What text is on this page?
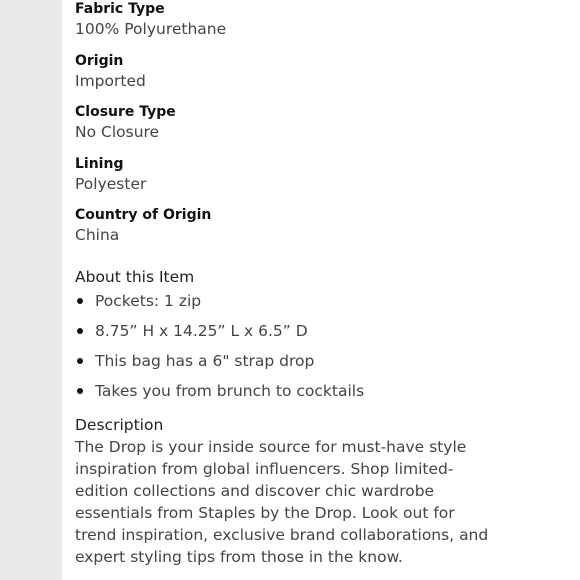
Fabric Type
100% Polyurethane
Origin
Imported
Closure Type
No Closure
Lining
Polyester
Country of Origin
China
About this Item
Pockets: 1 zip
8.75” H x 14.25” L x 6.5” D
This bag has a 6" strap drop
Takes you from brunch to cocktails
Description

The Drop is your inside source for must-have style inspiration from global influencers. Shop limited-edition collections and discover chic wardrobe essentials from Staples by the Drop. Look out for trend inspiration, exclusive brand collaborations, and expert styling tips from those in the know.
